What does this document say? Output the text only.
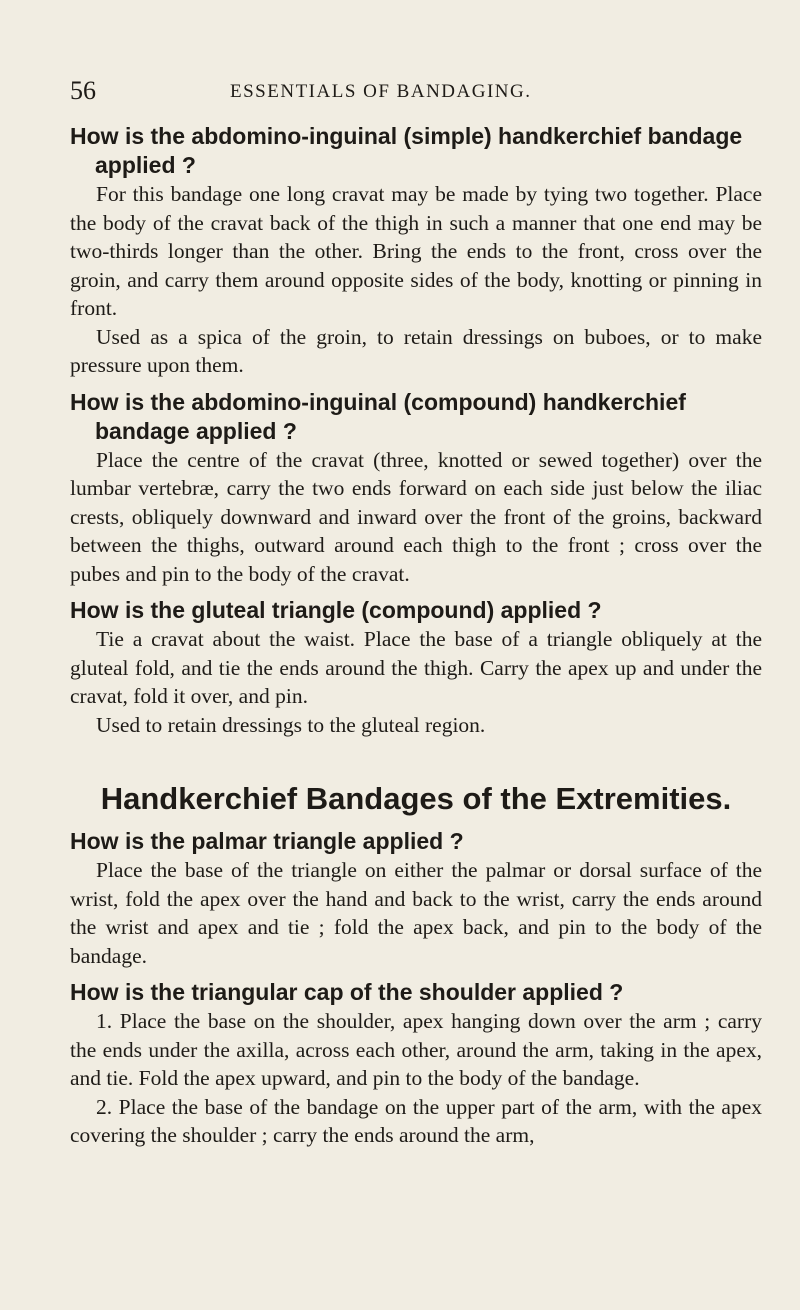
56	ESSENTIALS OF BANDAGING.

How is the abdomino-inguinal (simple) handkerchief bandage applied ?

For this bandage one long cravat may be made by tying two together. Place the body of the cravat back of the thigh in such a manner that one end may be two-thirds longer than the other. Bring the ends to the front, cross over the groin, and carry them around opposite sides of the body, knotting or pinning in front.

Used as a spica of the groin, to retain dressings on buboes, or to make pressure upon them.

How is the abdomino-inguinal (compound) handkerchief bandage applied ?

Place the centre of the cravat (three, knotted or sewed together) over the lumbar vertebræ, carry the two ends forward on each side just below the iliac crests, obliquely downward and inward over the front of the groins, backward between the thighs, outward around each thigh to the front ; cross over the pubes and pin to the body of the cravat.

How is the gluteal triangle (compound) applied ?

Tie a cravat about the waist. Place the base of a triangle obliquely at the gluteal fold, and tie the ends around the thigh. Carry the apex up and under the cravat, fold it over, and pin.

Used to retain dressings to the gluteal region.

Handkerchief Bandages of the Extremities.

How is the palmar triangle applied ?

Place the base of the triangle on either the palmar or dorsal surface of the wrist, fold the apex over the hand and back to the wrist, carry the ends around the wrist and apex and tie ; fold the apex back, and pin to the body of the bandage.

How is the triangular cap of the shoulder applied ?

1. Place the base on the shoulder, apex hanging down over the arm ; carry the ends under the axilla, across each other, around the arm, taking in the apex, and tie. Fold the apex upward, and pin to the body of the bandage.

2. Place the base of the bandage on the upper part of the arm, with the apex covering the shoulder ; carry the ends around the arm,
